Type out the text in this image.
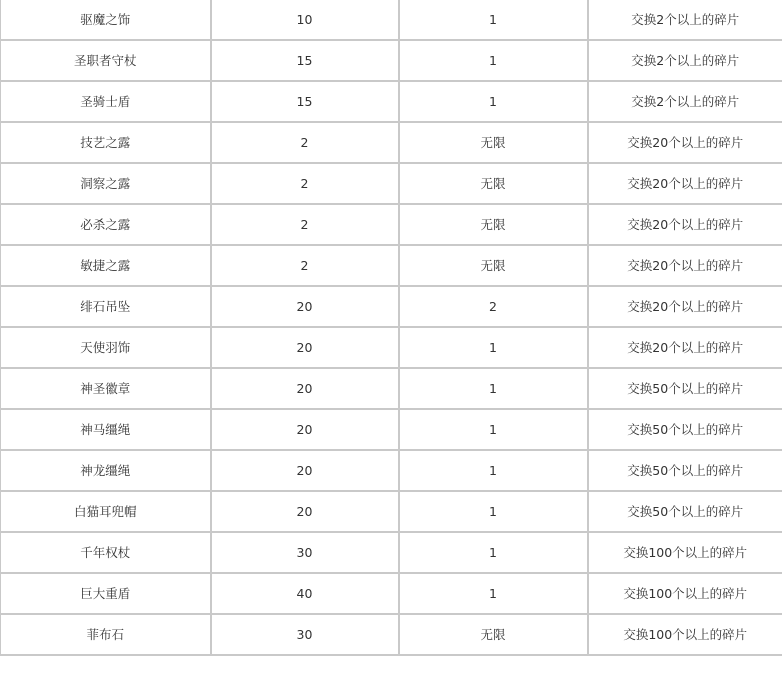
驱魔之饰	10	1	交换2个以上的碎片
圣职者守杖	15	1	交换2个以上的碎片
圣骑士盾	15	1	交换2个以上的碎片
技艺之露	2	无限	交换20个以上的碎片
洞察之露	2	无限	交换20个以上的碎片
必杀之露	2	无限	交换20个以上的碎片
敏捷之露	2	无限	交换20个以上的碎片
绯石吊坠	20	2	交换20个以上的碎片
天使羽饰	20	1	交换20个以上的碎片
神圣徽章	20	1	交换50个以上的碎片
神马缰绳	20	1	交换50个以上的碎片
神龙缰绳	20	1	交换50个以上的碎片
白猫耳兜帽	20	1	交换50个以上的碎片
千年权杖	30	1	交换100个以上的碎片
巨大重盾	40	1	交换100个以上的碎片
菲布石	30	无限	交换100个以上的碎片
